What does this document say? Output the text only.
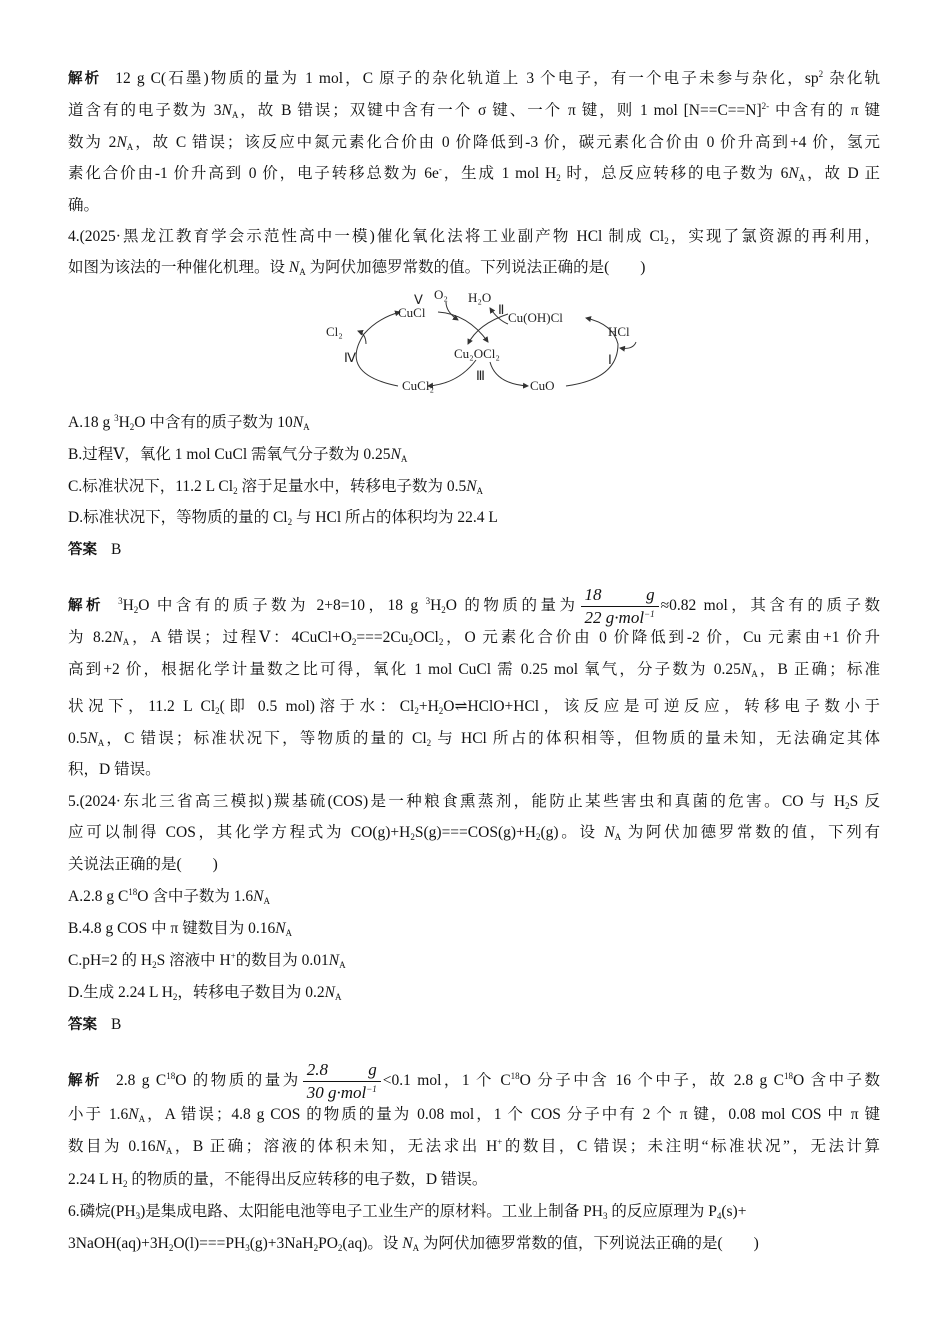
解析 12 g C(石墨)物质的量为 1 mol，C 原子的杂化轨道上 3 个电子，有一个电子未参与杂化，$sp^2$ 杂化轨
道含有的电子数为 $3N_A$，故 B 错误；双键中含有一个 σ 键、一个 π 键，则 1 mol [N==C==N]$^{2-}$ 中含有的 π 键
数为 $2N_A$，故 C 错误；该反应中氮元素化合价由 0 价降低到-3 价，碳元素化合价由 0 价升高到+4 价，氢元
素化合价由-1 价升高到 0 价，电子转移总数为 6e-，生成 1 mol $H_2$ 时，总反应转移的电子数为 $6N_A$，故 D 正
确。
4.(2025·黑龙江教育学会示范性高中一模)催化氧化法将工业副产物 HCl 制成 $Cl_2$，实现了氯资源的再利用，
如图为该法的一种催化机理。设 $N_A$ 为阿伏加德罗常数的值。下列说法正确的是(　　)
A.18 g $^3H_2O$ 中含有的质子数为 $10N_A$
B.过程Ⅴ，氧化 1 mol CuCl 需氧气分子数为 $0.25N_A$
C.标准状况下，11.2 L $Cl_2$ 溶于足量水中，转移电子数为 $0.5N_A$
D.标准状况下，等物质的量的 $Cl_2$ 与 HCl 所占的体积均为 22.4 L
答案 B
解析 $^3H_2O$ 中含有的质子数为 2+8=10，18 g $^3H_2O$ 的物质的量为 $\frac{18 g}{22 g\cdot mol^{-1}} \approx 0.82$ mol，其含有的质子数
为 $8.2N_A$，A 错误；过程Ⅴ：$4CuCl+O_2===2Cu_2OCl_2$，O 元素化合价由 0 价降低到-2 价，Cu 元素由+1 价升
高到+2 价，根据化学计量数之比可得，氧化 1 mol CuCl 需 0.25 mol 氧气，分子数为 $0.25N_A$，B 正确；标准
状况下，11.2 L $Cl_2$(即 0.5 mol)溶于水：$Cl_2+H_2O\rightleftharpoons HClO+HCl$，该反应是可逆反应，转移电子数小于
$0.5N_A$，C 错误；标准状况下，等物质的量的 $Cl_2$ 与 HCl 所占的体积相等，但物质的量未知，无法确定其体
积，D 错误。
5.(2024·东北三省高三模拟)羰基硫(COS)是一种粮食熏蒸剂，能防止某些害虫和真菌的危害。CO 与 $H_2S$ 反
应可以制得 COS，其化学方程式为 $CO(g)+H_2S(g)===COS(g)+H_2(g)$。设 $N_A$ 为阿伏加德罗常数的值，下列有
关说法正确的是(　　)
A.2.8 g $C^{18}O$ 含中子数为 $1.6N_A$
B.4.8 g COS 中 π 键数目为 $0.16N_A$
C.pH=2 的 $H_2S$ 溶液中 H+的数目为 $0.01N_A$
D.生成 2.24 L $H_2$，转移电子数目为 $0.2N_A$
答案 B
解析 2.8 g $C^{18}O$ 的物质的量为 $\frac{2.8 g}{30 g\cdot mol^{-1}} <0.1$ mol，1 个 $C^{18}O$ 分子中含 16 个中子，故 2.8 g $C^{18}O$ 含中子数
小于 $1.6N_A$，A 错误；4.8 g COS 的物质的量为 0.08 mol，1 个 COS 分子中有 2 个 π 键，0.08 mol COS 中 π 键
数目为 $0.16N_A$，B 正确；溶液的体积未知，无法求出 H+的数目，C 错误；未注明“标准状况”，无法计算
2.24 L $H_2$ 的物质的量，不能得出反应转移的电子数，D 错误。
6.磷烷$(PH_3)$是集成电路、太阳能电池等电子工业生产的原材料。工业上制备 $PH_3$ 的反应原理为 $P_4(s)+$
$3NaOH(aq)+3H_2O(l)===PH_3(g)+3NaH_2PO_2(aq)$。设 $N_A$ 为阿伏加德罗常数的值，下列说法正确的是(　　)
CuCl
O₂ H₂O
Cu(OH)Cl
HCl
Cl₂
Cu₂OCl₂
CuCl₂	CuO
Ⅰ
Ⅱ
Ⅲ
Ⅳ
Ⅴ
